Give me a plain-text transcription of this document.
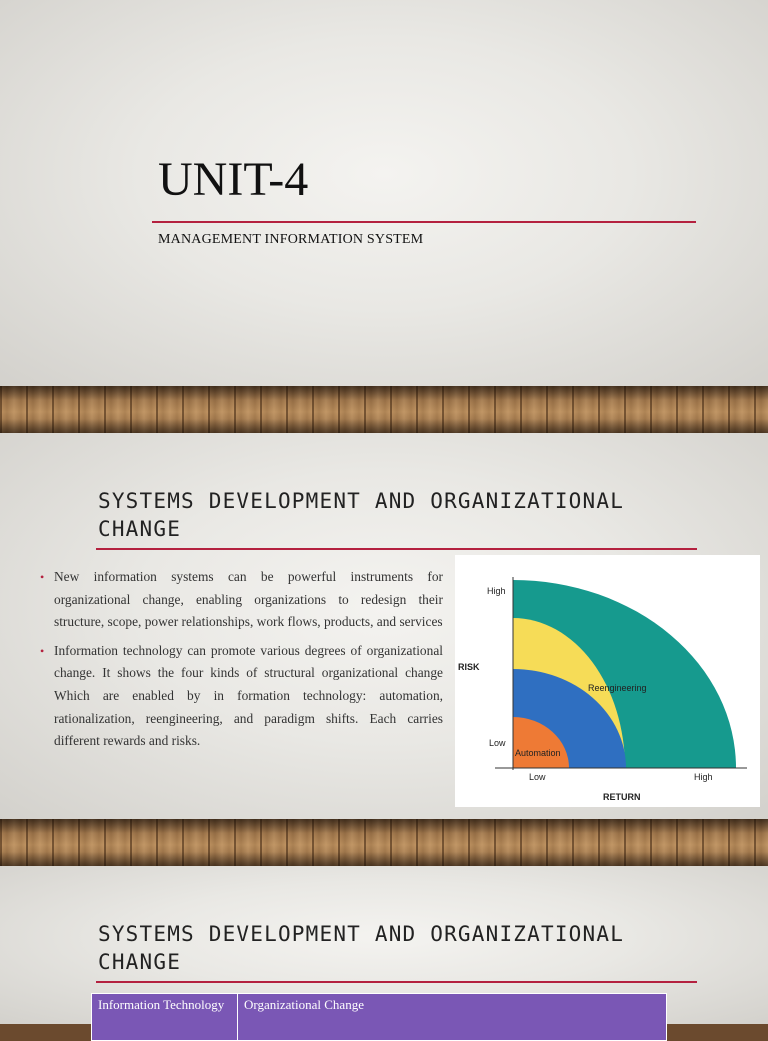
UNIT-4
MANAGEMENT INFORMATION SYSTEM
SYSTEMS DEVELOPMENT AND ORGANIZATIONAL CHANGE
• New information systems can be powerful instruments for organizational change, enabling organizations to redesign their structure, scope, power relationships, work flows, products, and services
• Information technology can promote various degrees of organizational change. It shows the four kinds of structural organizational change Which are enabled by in formation technology: automation, rationalization, reengineering, and paradigm shifts. Each carries different rewards and risks.
High
RISK
Low
Low	High
RETURN
Automation
Reengineering
SYSTEMS DEVELOPMENT AND ORGANIZATIONAL CHANGE
Information Technology	Organizational Change
